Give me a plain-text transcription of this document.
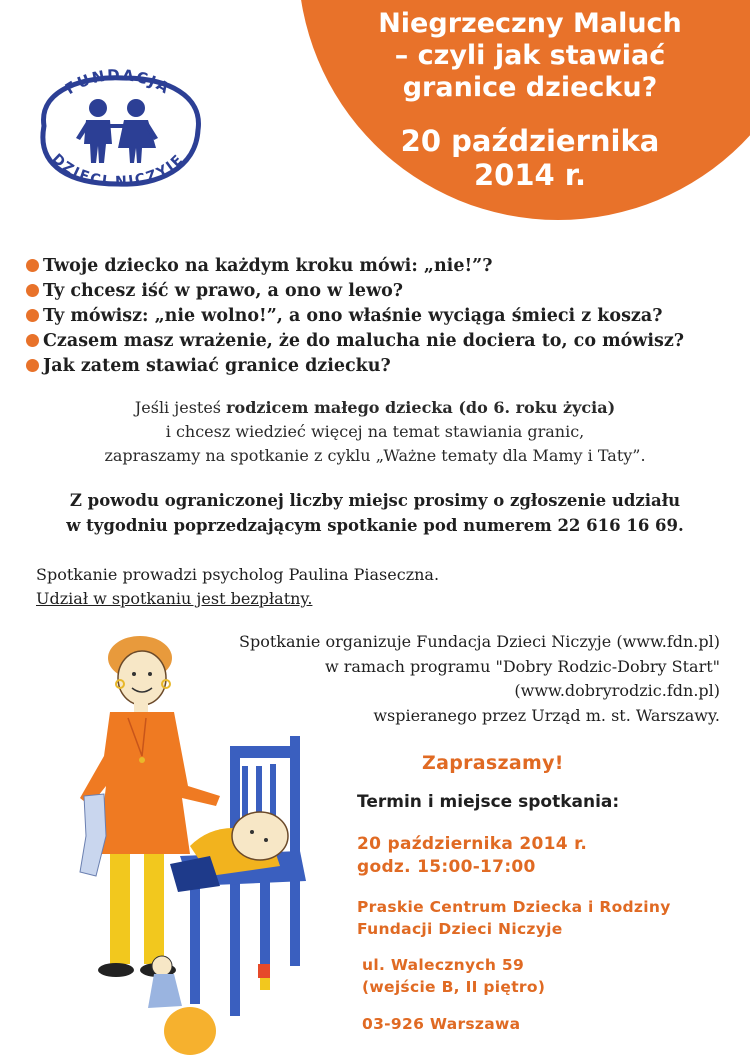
Niegrzeczny Maluch
– czyli jak stawiać
granice dziecku?
20 października
2014 r.
FUNDACJA
DZIECI NICZYJE
Twoje dziecko na każdym kroku mówi: „nie!”?
Ty chcesz iść w prawo, a ono w lewo?
Ty mówisz: „nie wolno!”, a ono właśnie wyciąga śmieci z kosza?
Czasem masz wrażenie, że do malucha nie dociera to, co mówisz?
Jak zatem stawiać granice dziecku?
Jeśli jesteś rodzicem małego dziecka (do 6. roku życia)
i chcesz wiedzieć więcej na temat stawiania granic,
zapraszamy na spotkanie z cyklu „Ważne tematy dla Mamy i Taty”.
Z powodu ograniczonej liczby miejsc prosimy o zgłoszenie udziału
w tygodniu poprzedzającym spotkanie pod numerem 22 616 16 69.
Spotkanie prowadzi psycholog Paulina Piaseczna.
Udział w spotkaniu jest bezpłatny.
Spotkanie organizuje Fundacja Dzieci Niczyje (www.fdn.pl)
w ramach programu "Dobry Rodzic-Dobry Start"
(www.dobryrodzic.fdn.pl)
wspieranego przez Urząd m. st. Warszawy.
Zapraszamy!
Termin i miejsce spotkania:
20 października 2014 r.
godz. 15:00-17:00
Praskie Centrum Dziecka i Rodziny
Fundacji Dzieci Niczyje
ul. Walecznych 59
(wejście B, II piętro)
03-926 Warszawa
